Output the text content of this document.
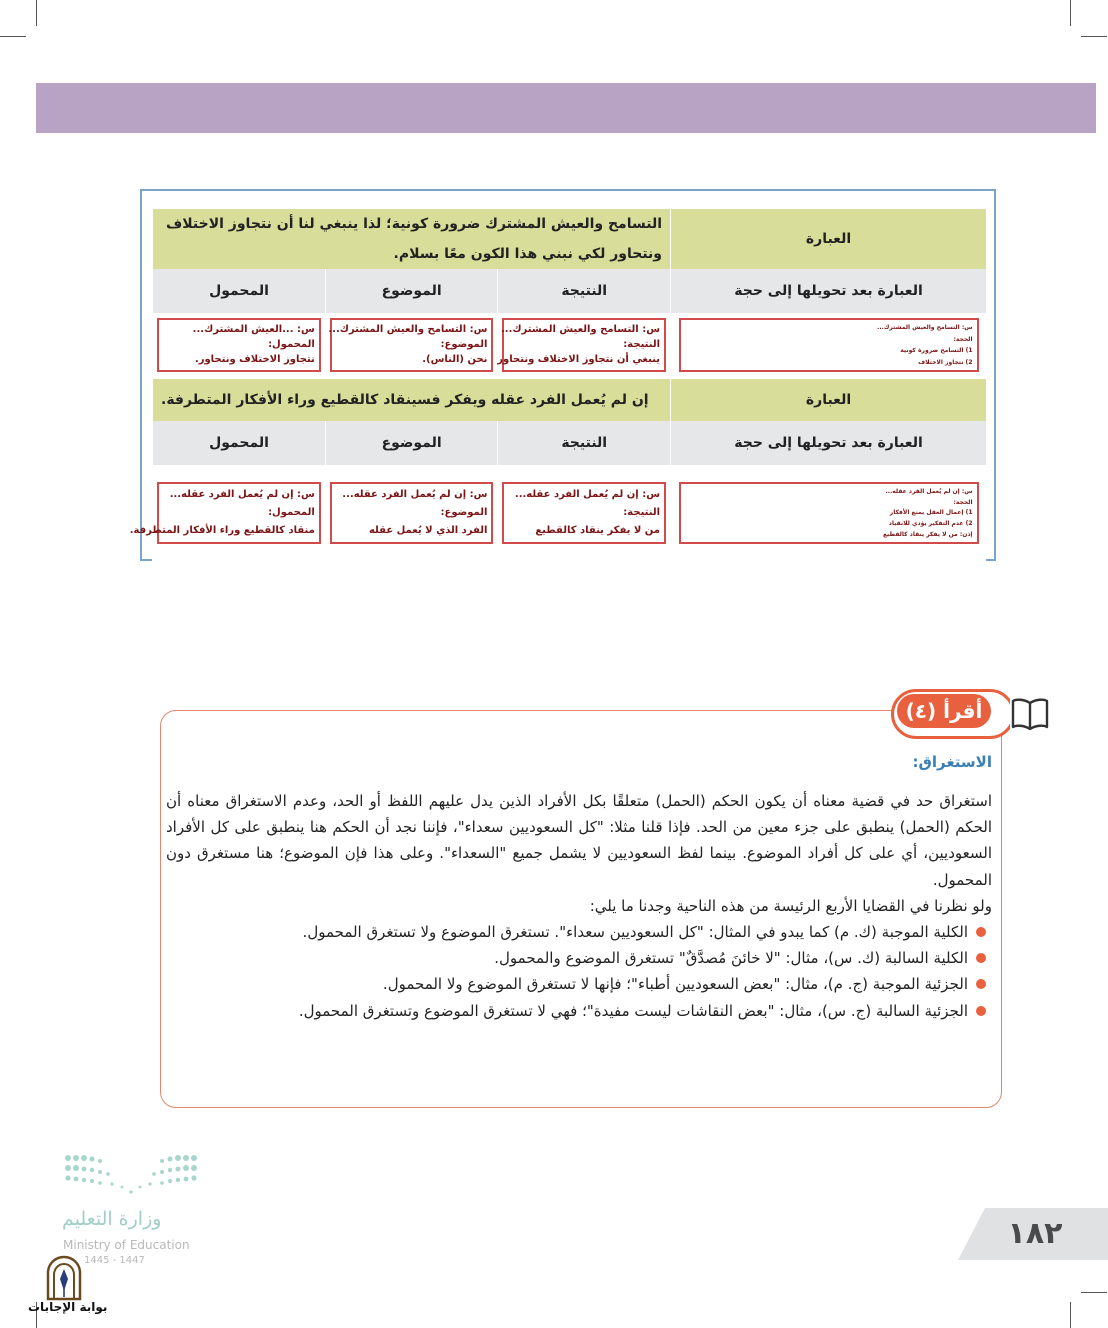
العبارة
التسامح والعيش المشترك ضرورة كونية؛ لذا ينبغي لنا أن نتجاوز الاختلاف ونتحاور لكي نبني هذا الكون معًا بسلام.
العبارة بعد تحويلها إلى حجة
النتيجة
الموضوع
المحمول
س: التسامح والعيش المشترك...
الحجة:
1) التسامح ضرورة كونية
2) نتجاوز الاختلاف
س: التسامح والعيش المشترك...
النتيجة:
ينبغي أن نتجاوز الاختلاف ونتحاور
س: التسامح والعيش المشترك...
الموضوع:
نحن (الناس).
س: ...العيش المشترك...
المحمول:
نتجاوز الاختلاف ونتحاور.
العبارة
إن لم يُعمل الفرد عقله ويفكر فسينقاد كالقطيع وراء الأفكار المتطرفة.
العبارة بعد تحويلها إلى حجة
النتيجة
الموضوع
المحمول
س: إن لم يُعمل الفرد عقله...
الحجة:
1) إعمال العقل يمنع الأفكار
2) عدم التفكير يؤدي للانقياد
إذن: من لا يفكر ينقاد كالقطيع
س: إن لم يُعمل الفرد عقله...
النتيجة:
من لا يفكر ينقاد كالقطيع
س: إن لم يُعمل الفرد عقله...
الموضوع:
الفرد الذي لا يُعمل عقله
س: إن لم يُعمل الفرد عقله...
المحمول:
منقاد كالقطيع وراء الأفكار المتطرفة.
أقرأ (٤)
الاستغراق:

استغراق حد في قضية معناه أن يكون الحكم (الحمل) متعلقًا بكل الأفراد الذين يدل عليهم اللفظ أو الحد، وعدم الاستغراق معناه أن الحكم (الحمل) ينطبق على جزء معين من الحد. فإذا قلنا مثلا: "كل السعوديين سعداء"، فإننا نجد أن الحكم هنا ينطبق على كل الأفراد السعوديين، أي على كل أفراد الموضوع. بينما لفظ السعوديين لا يشمل جميع "السعداء". وعلى هذا فإن الموضوع؛ هنا مستغرق دون المحمول.

ولو نظرنا في القضايا الأربع الرئيسة من هذه الناحية وجدنا ما يلي:

الكلية الموجبة (ك. م) كما يبدو في المثال: "كل السعوديين سعداء". تستغرق الموضوع ولا تستغرق المحمول.
الكلية السالبة (ك. س)، مثال: "لا خائنَ مُصدَّقٌ" تستغرق الموضوع والمحمول.
الجزئية الموجبة (ج. م)، مثال: "بعض السعوديين أطباء"؛ فإنها لا تستغرق الموضوع ولا المحمول.
الجزئية السالبة (ج. س)، مثال: "بعض النقاشات ليست مفيدة"؛ فهي لا تستغرق الموضوع وتستغرق المحمول.
وزارة التعليم
Ministry of Education
1445 - 1447
بوابة الإجابات
١٨٢
